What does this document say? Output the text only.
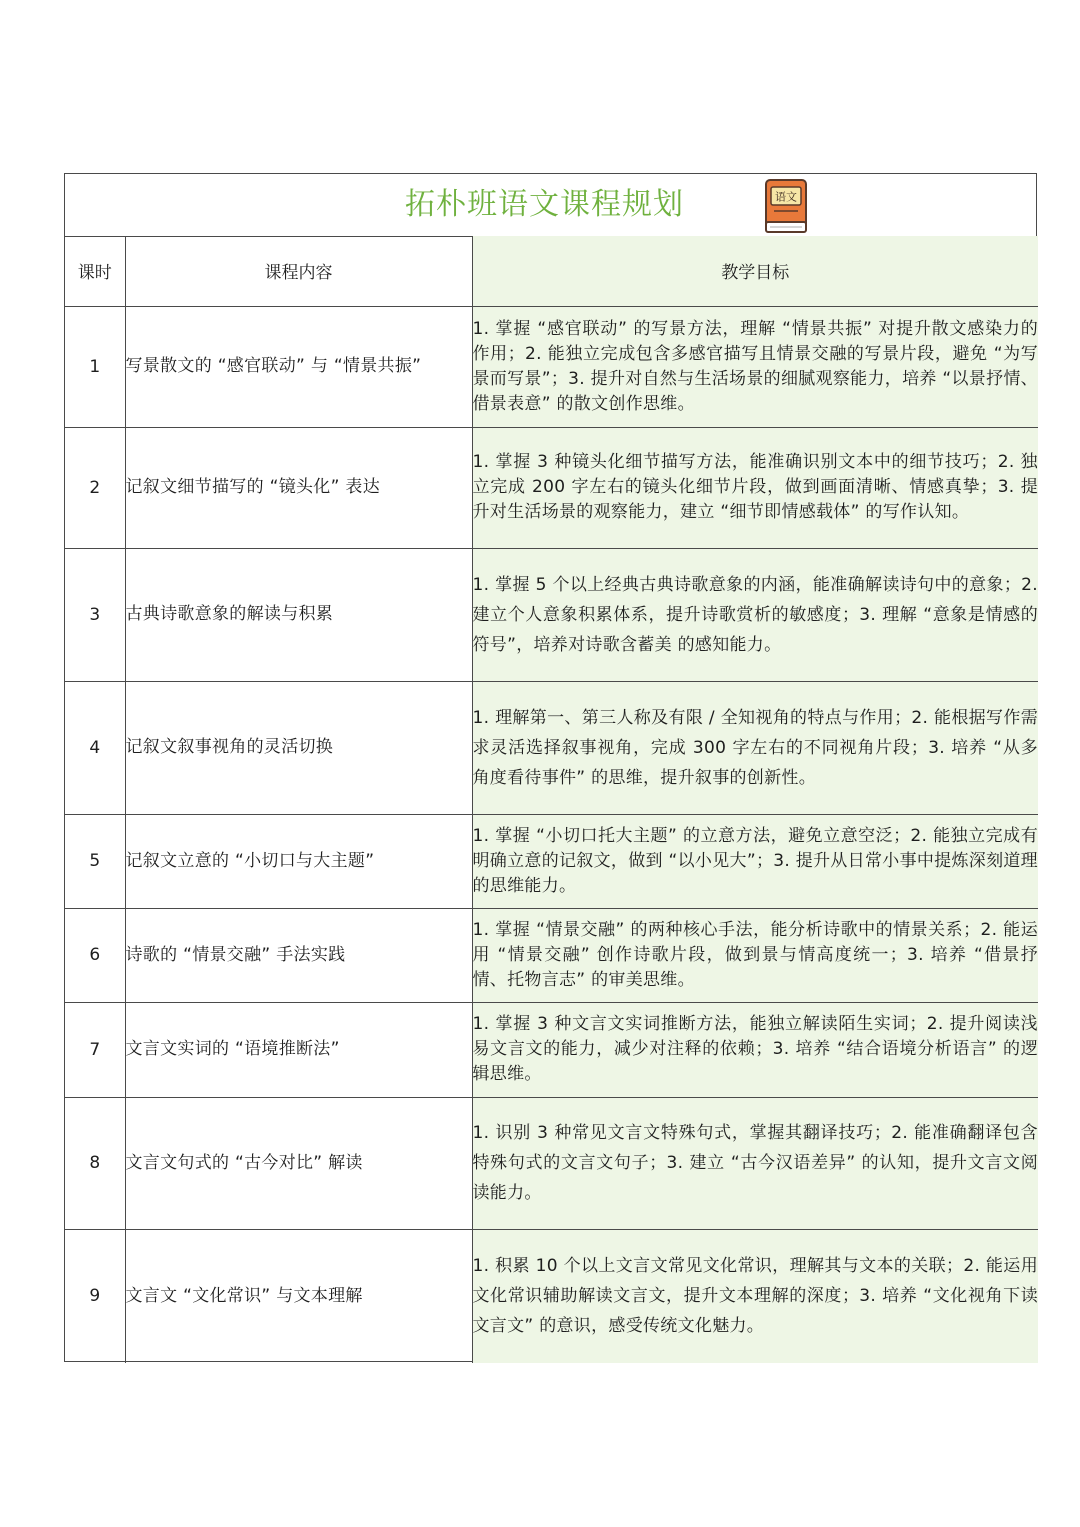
拓朴班语文课程规划	语文
课时	课程内容	教学目标
1	写景散文的 “感官联动” 与 “情景共振”	1. 掌握 “感官联动” 的写景方法，理解 “情景共振” 对提升散文感染力的作用；2. 能独立完成包含多感官描写且情景交融的写景片段，避免 “为写景而写景”；3. 提升对自然与生活场景的细腻观察能力，培养 “以景抒情、借景表意” 的散文创作思维。
2	记叙文细节描写的 “镜头化” 表达	1. 掌握 3 种镜头化细节描写方法，能准确识别文本中的细节技巧；2. 独立完成 200 字左右的镜头化细节片段，做到画面清晰、情感真挚；3. 提升对生活场景的观察能力，建立 “细节即情感载体” 的写作认知。
3	古典诗歌意象的解读与积累	1. 掌握 5 个以上经典古典诗歌意象的内涵，能准确解读诗句中的意象；2. 建立个人意象积累体系，提升诗歌赏析的敏感度；3. 理解 “意象是情感的符号”，培养对诗歌含蓄美 的感知能力。
4	记叙文叙事视角的灵活切换	1. 理解第一、第三人称及有限 / 全知视角的特点与作用；2. 能根据写作需求灵活选择叙事视角，完成 300 字左右的不同视角片段；3. 培养 “从多角度看待事件” 的思维，提升叙事的创新性。
5	记叙文立意的 “小切口与大主题”	1. 掌握 “小切口托大主题” 的立意方法，避免立意空泛；2. 能独立完成有明确立意的记叙文，做到 “以小见大”；3. 提升从日常小事中提炼深刻道理的思维能力。
6	诗歌的 “情景交融” 手法实践	1. 掌握 “情景交融” 的两种核心手法，能分析诗歌中的情景关系；2. 能运用 “情景交融” 创作诗歌片段，做到景与情高度统一；3. 培养 “借景抒情、托物言志” 的审美思维。
7	文言文实词的 “语境推断法”	1. 掌握 3 种文言文实词推断方法，能独立解读陌生实词；2. 提升阅读浅易文言文的能力，减少对注释的依赖；3. 培养 “结合语境分析语言” 的逻辑思维。
8	文言文句式的 “古今对比” 解读	1. 识别 3 种常见文言文特殊句式，掌握其翻译技巧；2. 能准确翻译包含特殊句式的文言文句子；3. 建立 “古今汉语差异” 的认知，提升文言文阅读能力。
9	文言文 “文化常识” 与文本理解	1. 积累 10 个以上文言文常见文化常识，理解其与文本的关联；2. 能运用文化常识辅助解读文言文，提升文本理解的深度；3. 培养 “文化视角下读文言文” 的意识，感受传统文化魅力。
